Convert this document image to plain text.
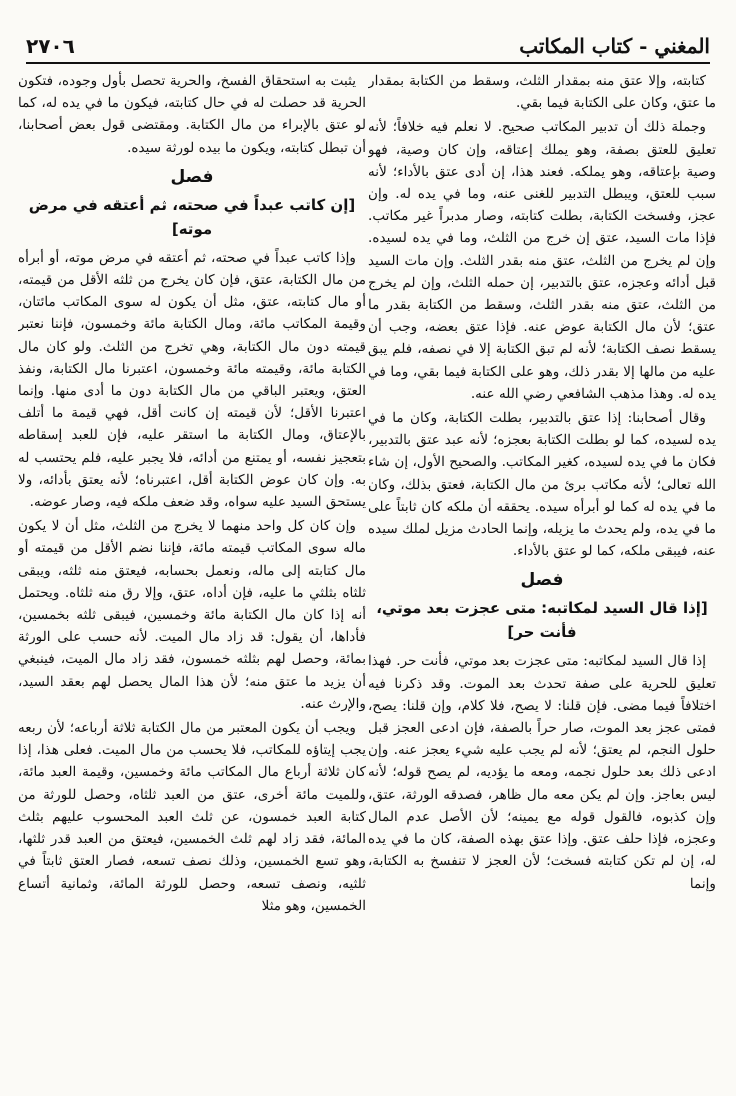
المغني - كتاب المكاتب
٢٧٠٦

كتابته، وإلا عتق منه بمقدار الثلث، وسقط من الكتابة بمقدار ما عتق، وكان على الكتابة فيما بقي.

وجملة ذلك أن تدبير المكاتب صحيح. لا نعلم فيه خلافاً؛ لأنه تعليق للعتق بصفة، وهو يملك إعتاقه، وإن كان وصية، فهو وصية بإعتاقه، وهو يملكه. فعند هذا، إن أدى عتق بالأداء؛ لأنه سبب للعتق، ويبطل التدبير للغنى عنه، وما في يده له. وإن عجز، وفسخت الكتابة، بطلت كتابته، وصار مدبراً غير مكاتب. فإذا مات السيد، عتق إن خرج من الثلث، وما في يده لسيده. وإن لم يخرج من الثلث، عتق منه بقدر الثلث. وإن مات السيد قبل أدائه وعجزه، عتق بالتدبير، إن حمله الثلث، وإن لم يخرج من الثلث، عتق منه بقدر الثلث، وسقط من الكتابة بقدر ما عتق؛ لأن مال الكتابة عوض عنه. فإذا عتق بعضه، وجب أن يسقط نصف الكتابة؛ لأنه لم تبق الكتابة إلا في نصفه، فلم يبق عليه من مالها إلا بقدر ذلك، وهو على الكتابة فيما بقي، وما في يده له. وهذا مذهب الشافعي رضي الله عنه.

وقال أصحابنا: إذا عتق بالتدبير، بطلت الكتابة، وكان ما في يده لسيده، كما لو بطلت الكتابة بعجزه؛ لأنه عبد عتق بالتدبير، فكان ما في يده لسيده، كغير المكاتب. والصحيح الأول، إن شاء الله تعالى؛ لأنه مكاتب برئ من مال الكتابة، فعتق بذلك، وكان ما في يده له كما لو أبرأه سيده. يحققه أن ملكه كان ثابتاً على ما في يده، ولم يحدث ما يزيله، وإنما الحادث مزيل لملك سيده عنه، فيبقى ملكه، كما لو عتق بالأداء.

فصل
[إذا قال السيد لمكاتبه: متى عجزت بعد موتي، فأنت حر]

إذا قال السيد لمكاتبه: متى عجزت بعد موتي، فأنت حر. فهذا تعليق للحرية على صفة تحدث بعد الموت. وقد ذكرنا فيه اختلافاً فيما مضى. فإن قلنا: لا يصح، فلا كلام، وإن قلنا: يصح، فمتى عجز بعد الموت، صار حراً بالصفة، فإن ادعى العجز قبل حلول النجم، لم يعتق؛ لأنه لم يجب عليه شيء يعجز عنه. وإن ادعى ذلك بعد حلول نجمه، ومعه ما يؤديه، لم يصح قوله؛ لأنه ليس بعاجز. وإن لم يكن معه مال ظاهر، فصدقه الورثة، عتق، وإن كذبوه، فالقول قوله مع يمينه؛ لأن الأصل عدم المال وعجزه، فإذا حلف عتق. وإذا عتق بهذه الصفة، كان ما في يده له، إن لم تكن كتابته فسخت؛ لأن العجز لا تنفسخ به الكتابة، وإنما

يثبت به استحقاق الفسخ، والحرية تحصل بأول وجوده، فتكون الحرية قد حصلت له في حال كتابته، فيكون ما في يده له، كما لو عتق بالإبراء من مال الكتابة. ومقتضى قول بعض أصحابنا، أن تبطل كتابته، ويكون ما بيده لورثة سيده.

فصل
[إن كاتب عبداً في صحته، ثم أعتقه في مرض موته]

وإذا كاتب عبداً في صحته، ثم أعتقه في مرض موته، أو أبرأه من مال الكتابة، عتق، فإن كان يخرج من ثلثه الأقل من قيمته، أو مال كتابته، عتق، مثل أن يكون له سوى المكاتب مائتان، وقيمة المكاتب مائة، ومال الكتابة مائة وخمسون، فإننا نعتبر قيمته دون مال الكتابة، وهي تخرج من الثلث. ولو كان مال الكتابة مائة، وقيمته مائة وخمسون، اعتبرنا مال الكتابة، ونفذ العتق، ويعتبر الباقي من مال الكتابة دون ما أدى منها. وإنما اعتبرنا الأقل؛ لأن قيمته إن كانت أقل، فهي قيمة ما أتلف بالإعتاق، ومال الكتابة ما استقر عليه، فإن للعبد إسقاطه بتعجيز نفسه، أو يمتنع من أدائه، فلا يجبر عليه، فلم يحتسب له به. وإن كان عوض الكتابة أقل، اعتبرناه؛ لأنه يعتق بأدائه، ولا يستحق السيد عليه سواه، وقد ضعف ملكه فيه، وصار عوضه.

وإن كان كل واحد منهما لا يخرج من الثلث، مثل أن لا يكون ماله سوى المكاتب قيمته مائة، فإننا نضم الأقل من قيمته أو مال كتابته إلى ماله، ونعمل بحسابه، فيعتق منه ثلثه، ويبقى ثلثاه بثلثي ما عليه، فإن أداه، عتق، وإلا رق منه ثلثاه. ويحتمل أنه إذا كان مال الكتابة مائة وخمسين، فيبقى ثلثه بخمسين، فأداها، أن يقول: قد زاد مال الميت. لأنه حسب على الورثة بمائة، وحصل لهم بثلثه خمسون، فقد زاد مال الميت، فينبغي أن يزيد ما عتق منه؛ لأن هذا المال يحصل لهم بعقد السيد، والإرث عنه.

ويجب أن يكون المعتبر من مال الكتابة ثلاثة أرباعه؛ لأن ربعه يجب إيتاؤه للمكاتب، فلا يحسب من مال الميت. فعلى هذا، إذا كان ثلاثة أرباع مال المكاتب مائة وخمسين، وقيمة العبد مائة، وللميت مائة أخرى، عتق من العبد ثلثاه، وحصل للورثة من كتابة العبد خمسون، عن ثلث العبد المحسوب عليهم بثلث المائة، فقد زاد لهم ثلث الخمسين، فيعتق من العبد قدر ثلثها، وهو تسع الخمسين، وذلك نصف تسعه، فصار العتق ثابتاً في ثلثيه، ونصف تسعه، وحصل للورثة المائة، وثمانية أتساع الخمسين، وهو مثلا
